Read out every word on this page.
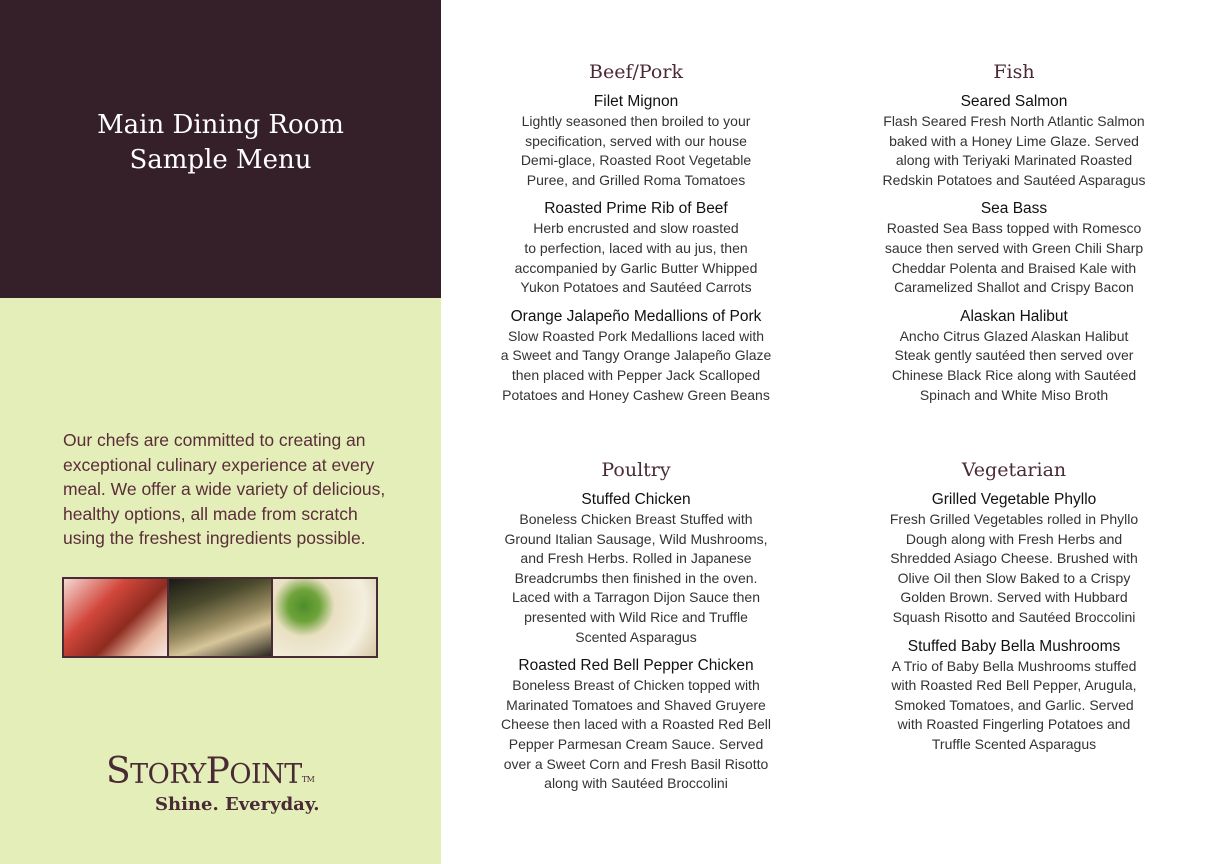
Main Dining Room
Sample Menu
Our chefs are committed to creating an
exceptional culinary experience at every
meal. We offer a wide variety of delicious,
healthy options, all made from scratch
using the freshest ingredients possible.
STORYPOINT™
Shine. Everyday.
Beef/Pork
Filet Mignon
Lightly seasoned then broiled to your
specification, served with our house
Demi-glace, Roasted Root Vegetable
Puree, and Grilled Roma Tomatoes
Roasted Prime Rib of Beef
Herb encrusted and slow roasted
to perfection, laced with au jus, then
accompanied by Garlic Butter Whipped
Yukon Potatoes and Sautéed Carrots
Orange Jalapeño Medallions of Pork
Slow Roasted Pork Medallions laced with
a Sweet and Tangy Orange Jalapeño Glaze
then placed with Pepper Jack Scalloped
Potatoes and Honey Cashew Green Beans
Fish
Seared Salmon
Flash Seared Fresh North Atlantic Salmon
baked with a Honey Lime Glaze. Served
along with Teriyaki Marinated Roasted
Redskin Potatoes and Sautéed Asparagus
Sea Bass
Roasted Sea Bass topped with Romesco
sauce then served with Green Chili Sharp
Cheddar Polenta and Braised Kale with
Caramelized Shallot and Crispy Bacon
Alaskan Halibut
Ancho Citrus Glazed Alaskan Halibut
Steak gently sautéed then served over
Chinese Black Rice along with Sautéed
Spinach and White Miso Broth
Poultry
Stuffed Chicken
Boneless Chicken Breast Stuffed with
Ground Italian Sausage, Wild Mushrooms,
and Fresh Herbs. Rolled in Japanese
Breadcrumbs then finished in the oven.
Laced with a Tarragon Dijon Sauce then
presented with Wild Rice and Truffle
Scented Asparagus
Roasted Red Bell Pepper Chicken
Boneless Breast of Chicken topped with
Marinated Tomatoes and Shaved Gruyere
Cheese then laced with a Roasted Red Bell
Pepper Parmesan Cream Sauce. Served
over a Sweet Corn and Fresh Basil Risotto
along with Sautéed Broccolini
Vegetarian
Grilled Vegetable Phyllo
Fresh Grilled Vegetables rolled in Phyllo
Dough along with Fresh Herbs and
Shredded Asiago Cheese. Brushed with
Olive Oil then Slow Baked to a Crispy
Golden Brown. Served with Hubbard
Squash Risotto and Sautéed Broccolini
Stuffed Baby Bella Mushrooms
A Trio of Baby Bella Mushrooms stuffed
with Roasted Red Bell Pepper, Arugula,
Smoked Tomatoes, and Garlic. Served
with Roasted Fingerling Potatoes and
Truffle Scented Asparagus
